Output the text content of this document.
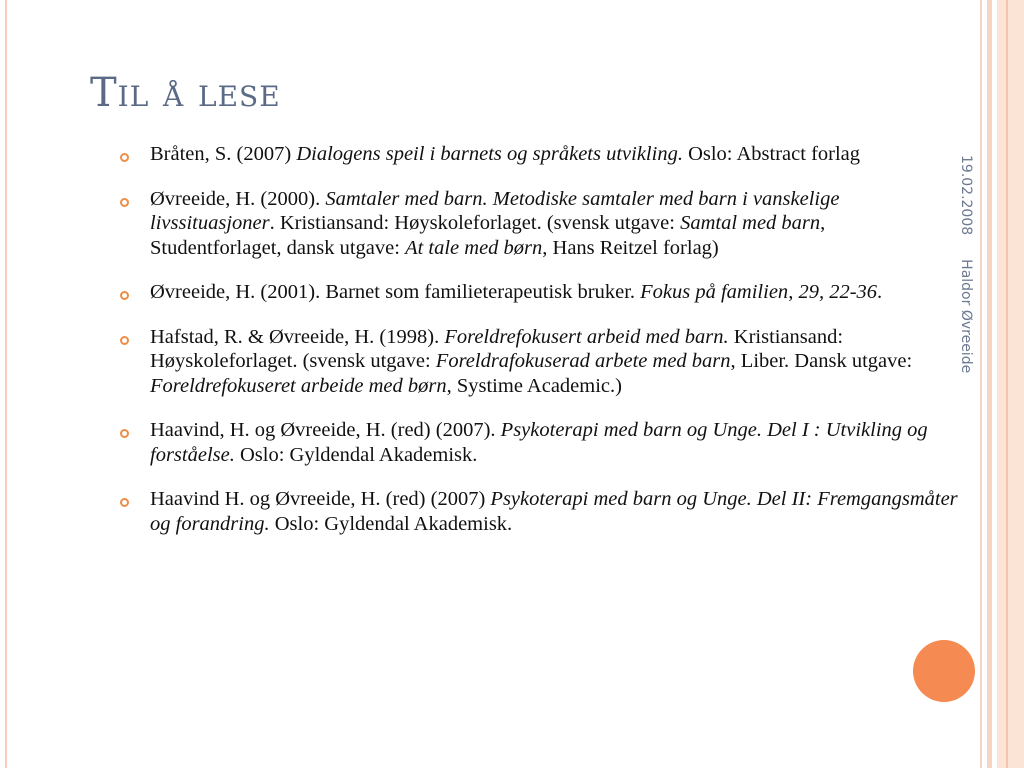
Til å lese
Bråten, S. (2007) Dialogens speil i barnets og språkets utvikling. Oslo: Abstract forlag
Øvreeide, H. (2000). Samtaler med barn. Metodiske samtaler med barn i vanskelige livssituasjoner. Kristiansand: Høyskoleforlaget. (svensk utgave: Samtal med barn, Studentforlaget, dansk utgave: At tale med børn, Hans Reitzel forlag)
Øvreeide, H. (2001). Barnet som familieterapeutisk bruker. Fokus på familien, 29, 22-36.
Hafstad, R. & Øvreeide, H. (1998). Foreldrefokusert arbeid med barn. Kristiansand: Høyskoleforlaget. (svensk utgave: Foreldrafokuserad arbete med barn, Liber. Dansk utgave: Foreldrefokuseret arbeide med børn, Systime Academic.)
Haavind, H. og Øvreeide, H. (red) (2007). Psykoterapi med barn og Unge. Del I : Utvikling og forståelse. Oslo: Gyldendal Akademisk.
Haavind H. og Øvreeide, H. (red) (2007) Psykoterapi med barn og Unge. Del II: Fremgangsmåter og forandring. Oslo: Gyldendal Akademisk.
19.02.2008Haldor Øvreeide
